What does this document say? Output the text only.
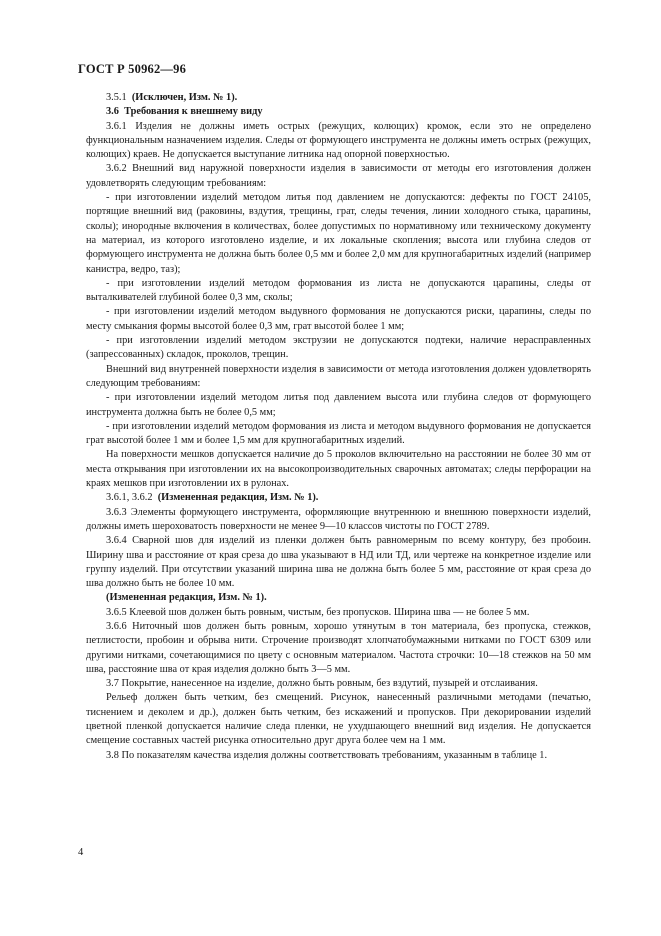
ГОСТ Р 50962—96

3.5.1 (Исключен, Изм. № 1).

3.6 Требования к внешнему виду

3.6.1 Изделия не должны иметь острых (режущих, колющих) кромок, если это не определено функциональным назначением изделия. Следы от формующего инструмента не должны иметь острых (режущих, колющих) краев. Не допускается выступание литника над опорной поверхностью.

3.6.2 Внешний вид наружной поверхности изделия в зависимости от методы его изготовления должен удовлетворять следующим требованиям:

- при изготовлении изделий методом литья под давлением не допускаются: дефекты по ГОСТ 24105, портящие внешний вид (раковины, вздутия, трещины, грат, следы течения, линии холодного стыка, царапины, сколы); инородные включения в количествах, более допустимых по нормативному или техническому документу на материал, из которого изготовлено изделие, и их локальные скопления; высота или глубина следов от формующего инструмента не должна быть более 0,5 мм и более 2,0 мм для крупногабаритных изделий (например канистра, ведро, таз);

- при изготовлении изделий методом формования из листа не допускаются царапины, следы от выталкивателей глубиной более 0,3 мм, сколы;

- при изготовлении изделий методом выдувного формования не допускаются риски, царапины, следы по месту смыкания формы высотой более 0,3 мм, грат высотой более 1 мм;

- при изготовлении изделий методом экструзии не допускаются подтеки, наличие нерасправленных (запрессованных) складок, проколов, трещин.

Внешний вид внутренней поверхности изделия в зависимости от метода изготовления должен удовлетворять следующим требованиям:

- при изготовлении изделий методом литья под давлением высота или глубина следов от формующего инструмента должна быть не более 0,5 мм;

- при изготовлении изделий методом формования из листа и методом выдувного формования не допускается грат высотой более 1 мм и более 1,5 мм для крупногабаритных изделий.

На поверхности мешков допускается наличие до 5 проколов включительно на расстоянии не более 30 мм от места открывания при изготовлении их на высокопроизводительных сварочных автоматах; следы перфорации на краях мешков при изготовлении их в рулонах.

3.6.1, 3.6.2 (Измененная редакция, Изм. № 1).

3.6.3 Элементы формующего инструмента, оформляющие внутреннюю и внешнюю поверхности изделий, должны иметь шероховатость поверхности не менее 9—10 классов чистоты по ГОСТ 2789.

3.6.4 Сварной шов для изделий из пленки должен быть равномерным по всему контуру, без пробоин. Ширину шва и расстояние от края среза до шва указывают в НД или ТД, или чертеже на конкретное изделие или группу изделий. При отсутствии указаний ширина шва не должна быть более 5 мм, расстояние от края среза до шва должно быть не более 10 мм.

(Измененная редакция, Изм. № 1).

3.6.5 Клеевой шов должен быть ровным, чистым, без пропусков. Ширина шва — не более 5 мм.

3.6.6 Ниточный шов должен быть ровным, хорошо утянутым в тон материала, без пропуска, стежков, петлистости, пробоин и обрыва нити. Строчение производят хлопчатобумажными нитками по ГОСТ 6309 или другими нитками, сочетающимися по цвету с основным материалом. Частота строчки: 10—18 стежков на 50 мм шва, расстояние шва от края изделия должно быть 3—5 мм.

3.7 Покрытие, нанесенное на изделие, должно быть ровным, без вздутий, пузырей и отслаивания.

Рельеф должен быть четким, без смещений. Рисунок, нанесенный различными методами (печатью, тиснением и деколем и др.), должен быть четким, без искажений и пропусков. При декорировании изделий цветной пленкой допускается наличие следа пленки, не ухудшающего внешний вид изделия. Не допускается смещение составных частей рисунка относительно друг друга более чем на 1 мм.

3.8 По показателям качества изделия должны соответствовать требованиям, указанным в таблице 1.

4
